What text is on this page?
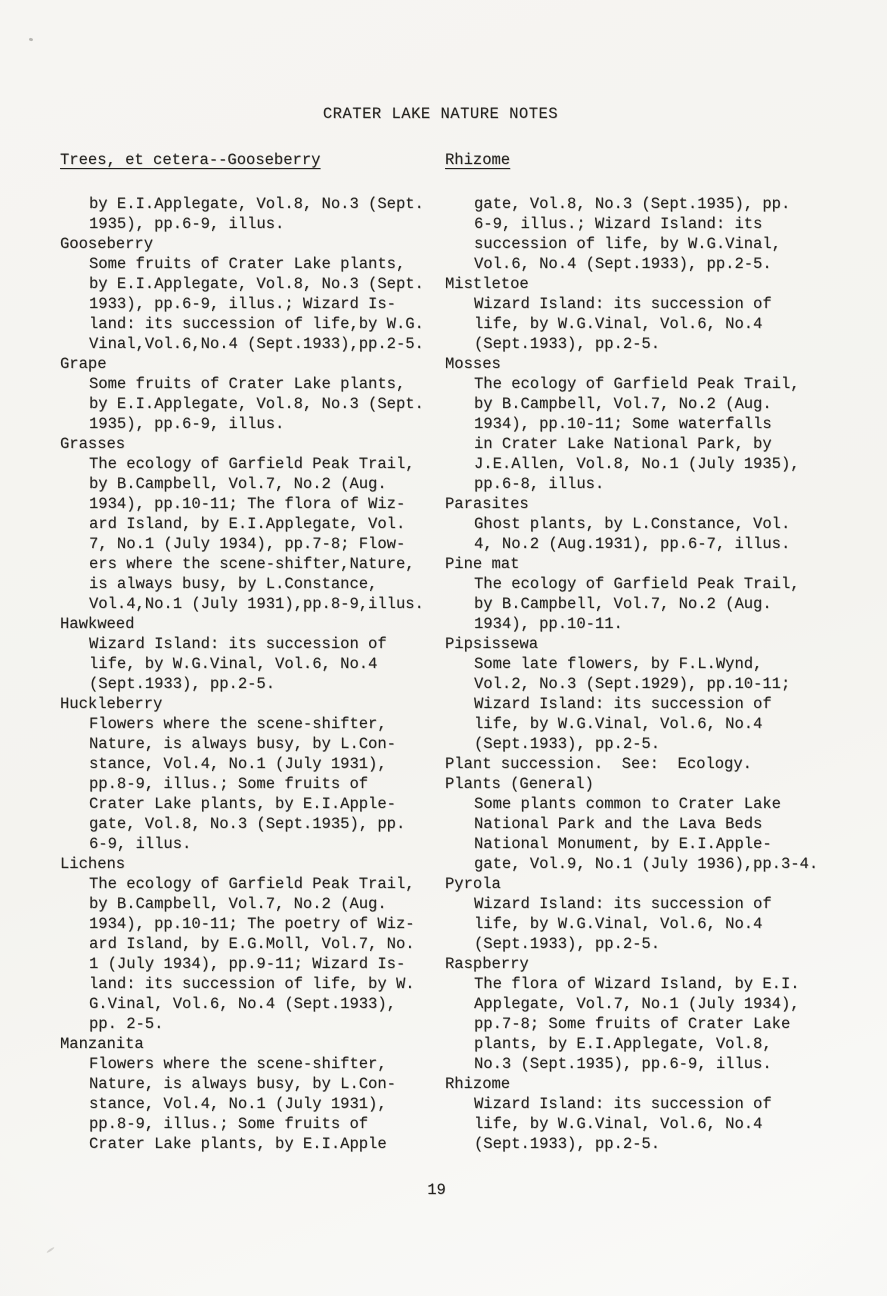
CRATER LAKE NATURE NOTES
Trees, et cetera--Gooseberry
by E.I.Applegate, Vol.8, No.3 (Sept.
1935), pp.6-9, illus.
Gooseberry
Some fruits of Crater Lake plants,
by E.I.Applegate, Vol.8, No.3 (Sept.
1933), pp.6-9, illus.; Wizard Is-
land: its succession of life,by W.G.
Vinal,Vol.6,No.4 (Sept.1933),pp.2-5.
Grape
Some fruits of Crater Lake plants,
by E.I.Applegate, Vol.8, No.3 (Sept.
1935), pp.6-9, illus.
Grasses
The ecology of Garfield Peak Trail,
by B.Campbell, Vol.7, No.2 (Aug.
1934), pp.10-11; The flora of Wiz-
ard Island, by E.I.Applegate, Vol.
7, No.1 (July 1934), pp.7-8; Flow-
ers where the scene-shifter,Nature,
is always busy, by L.Constance,
Vol.4,No.1 (July 1931),pp.8-9,illus.
Hawkweed
Wizard Island: its succession of
life, by W.G.Vinal, Vol.6, No.4
(Sept.1933), pp.2-5.
Huckleberry
Flowers where the scene-shifter,
Nature, is always busy, by L.Con-
stance, Vol.4, No.1 (July 1931),
pp.8-9, illus.; Some fruits of
Crater Lake plants, by E.I.Apple-
gate, Vol.8, No.3 (Sept.1935), pp.
6-9, illus.
Lichens
The ecology of Garfield Peak Trail,
by B.Campbell, Vol.7, No.2 (Aug.
1934), pp.10-11; The poetry of Wiz-
ard Island, by E.G.Moll, Vol.7, No.
1 (July 1934), pp.9-11; Wizard Is-
land: its succession of life, by W.
G.Vinal, Vol.6, No.4 (Sept.1933),
pp. 2-5.
Manzanita
Flowers where the scene-shifter,
Nature, is always busy, by L.Con-
stance, Vol.4, No.1 (July 1931),
pp.8-9, illus.; Some fruits of
Crater Lake plants, by E.I.Apple
Rhizome
gate, Vol.8, No.3 (Sept.1935), pp.
6-9, illus.; Wizard Island: its
succession of life, by W.G.Vinal,
Vol.6, No.4 (Sept.1933), pp.2-5.
Mistletoe
Wizard Island: its succession of
life, by W.G.Vinal, Vol.6, No.4
(Sept.1933), pp.2-5.
Mosses
The ecology of Garfield Peak Trail,
by B.Campbell, Vol.7, No.2 (Aug.
1934), pp.10-11; Some waterfalls
in Crater Lake National Park, by
J.E.Allen, Vol.8, No.1 (July 1935),
pp.6-8, illus.
Parasites
Ghost plants, by L.Constance, Vol.
4, No.2 (Aug.1931), pp.6-7, illus.
Pine mat
The ecology of Garfield Peak Trail,
by B.Campbell, Vol.7, No.2 (Aug.
1934), pp.10-11.
Pipsissewa
Some late flowers, by F.L.Wynd,
Vol.2, No.3 (Sept.1929), pp.10-11;
Wizard Island: its succession of
life, by W.G.Vinal, Vol.6, No.4
(Sept.1933), pp.2-5.
Plant succession.  See:  Ecology.
Plants (General)
Some plants common to Crater Lake
National Park and the Lava Beds
National Monument, by E.I.Apple-
gate, Vol.9, No.1 (July 1936),pp.3-4.
Pyrola
Wizard Island: its succession of
life, by W.G.Vinal, Vol.6, No.4
(Sept.1933), pp.2-5.
Raspberry
The flora of Wizard Island, by E.I.
Applegate, Vol.7, No.1 (July 1934),
pp.7-8; Some fruits of Crater Lake
plants, by E.I.Applegate, Vol.8,
No.3 (Sept.1935), pp.6-9, illus.
Rhizome
Wizard Island: its succession of
life, by W.G.Vinal, Vol.6, No.4
(Sept.1933), pp.2-5.
19
